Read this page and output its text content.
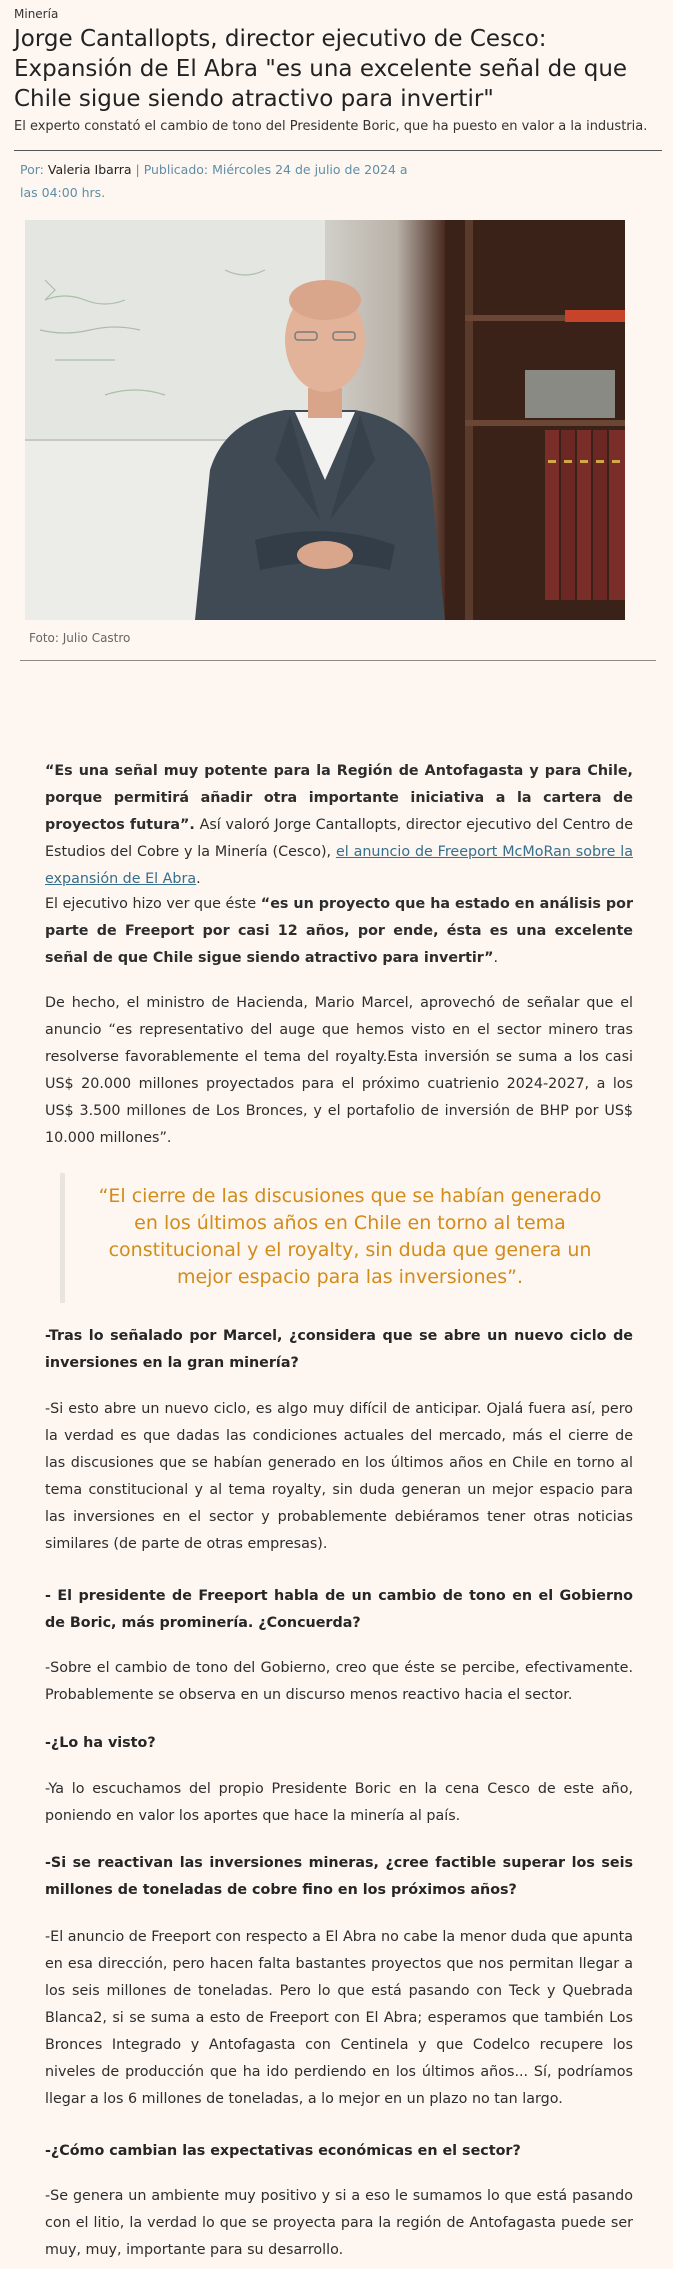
Minería
Jorge Cantallopts, director ejecutivo de Cesco: Expansión de El Abra "es una excelente señal de que Chile sigue siendo atractivo para invertir"
El experto constató el cambio de tono del Presidente Boric, que ha puesto en valor a la industria.
Por: Valeria Ibarra | Publicado: Miércoles 24 de julio de 2024 a las 04:00 hrs.
Foto: Julio Castro

“Es una señal muy potente para la Región de Antofagasta y para Chile, porque permitirá añadir otra importante iniciativa a la cartera de proyectos futura”. Así valoró Jorge Cantallopts, director ejecutivo del Centro de Estudios del Cobre y la Minería (Cesco), el anuncio de Freeport McMoRan sobre la expansión de El Abra.

El ejecutivo hizo ver que éste “es un proyecto que ha estado en análisis por parte de Freeport por casi 12 años, por ende, ésta es una excelente señal de que Chile sigue siendo atractivo para invertir”.

De hecho, el ministro de Hacienda, Mario Marcel, aprovechó de señalar que el anuncio “es representativo del auge que hemos visto en el sector minero tras resolverse favorablemente el tema del royalty.Esta inversión se suma a los casi US$ 20.000 millones proyectados para el próximo cuatrienio 2024-2027, a los US$ 3.500 millones de Los Bronces, y el portafolio de inversión de BHP por US$ 10.000 millones”.

“El cierre de las discusiones que se habían generado en los últimos años en Chile en torno al tema constitucional y el royalty, sin duda que genera un mejor espacio para las inversiones”.

-Tras lo señalado por Marcel, ¿considera que se abre un nuevo ciclo de inversiones en la gran minería?

-Si esto abre un nuevo ciclo, es algo muy difícil de anticipar. Ojalá fuera así, pero la verdad es que dadas las condiciones actuales del mercado, más el cierre de las discusiones que se habían generado en los últimos años en Chile en torno al tema constitucional y al tema royalty, sin duda generan un mejor espacio para las inversiones en el sector y probablemente debiéramos tener otras noticias similares (de parte de otras empresas).

- El presidente de Freeport habla de un cambio de tono en el Gobierno de Boric, más prominería. ¿Concuerda?

-Sobre el cambio de tono del Gobierno, creo que éste se percibe, efectivamente. Probablemente se observa en un discurso menos reactivo hacia el sector.

-¿Lo ha visto?

-Ya lo escuchamos del propio Presidente Boric en la cena Cesco de este año, poniendo en valor los aportes que hace la minería al país.

-Si se reactivan las inversiones mineras, ¿cree factible superar los seis millones de toneladas de cobre fino en los próximos años?

-El anuncio de Freeport con respecto a El Abra no cabe la menor duda que apunta en esa dirección, pero hacen falta bastantes proyectos que nos permitan llegar a los seis millones de toneladas. Pero lo que está pasando con Teck y Quebrada Blanca2, si se suma a esto de Freeport con El Abra; esperamos que también Los Bronces Integrado y Antofagasta con Centinela y que Codelco recupere los niveles de producción que ha ido perdiendo en los últimos años... Sí, podríamos llegar a los 6 millones de toneladas, a lo mejor en un plazo no tan largo.

-¿Cómo cambian las expectativas económicas en el sector?

-Se genera un ambiente muy positivo y si a eso le sumamos lo que está pasando con el litio, la verdad lo que se proyecta para la región de Antofagasta puede ser muy, muy, importante para su desarrollo.
